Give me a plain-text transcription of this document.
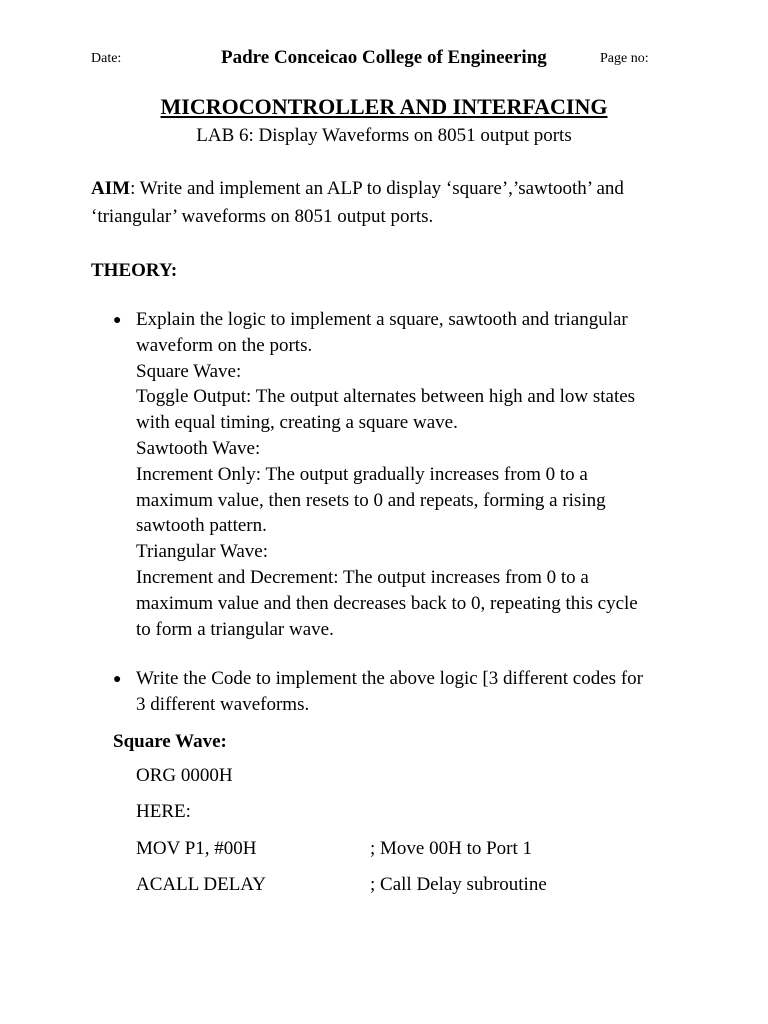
Date:	Padre Conceicao College of Engineering	Page no:
MICROCONTROLLER AND INTERFACING
LAB 6: Display Waveforms on 8051 output ports
AIM: Write and implement an ALP to display ‘square’,’sawtooth’ and
‘triangular’ waveforms on 8051 output ports.
THEORY:
● Explain the logic to implement a square, sawtooth and triangular
waveform on the ports.
Square Wave:
Toggle Output: The output alternates between high and low states
with equal timing, creating a square wave.
Sawtooth Wave:
Increment Only: The output gradually increases from 0 to a
maximum value, then resets to 0 and repeats, forming a rising
sawtooth pattern.
Triangular Wave:
Increment and Decrement: The output increases from 0 to a
maximum value and then decreases back to 0, repeating this cycle
to form a triangular wave.
● Write the Code to implement the above logic [3 different codes for
3 different waveforms.
Square Wave:
ORG 0000H
HERE:
MOV P1, #00H	; Move 00H to Port 1
ACALL DELAY	; Call Delay subroutine
